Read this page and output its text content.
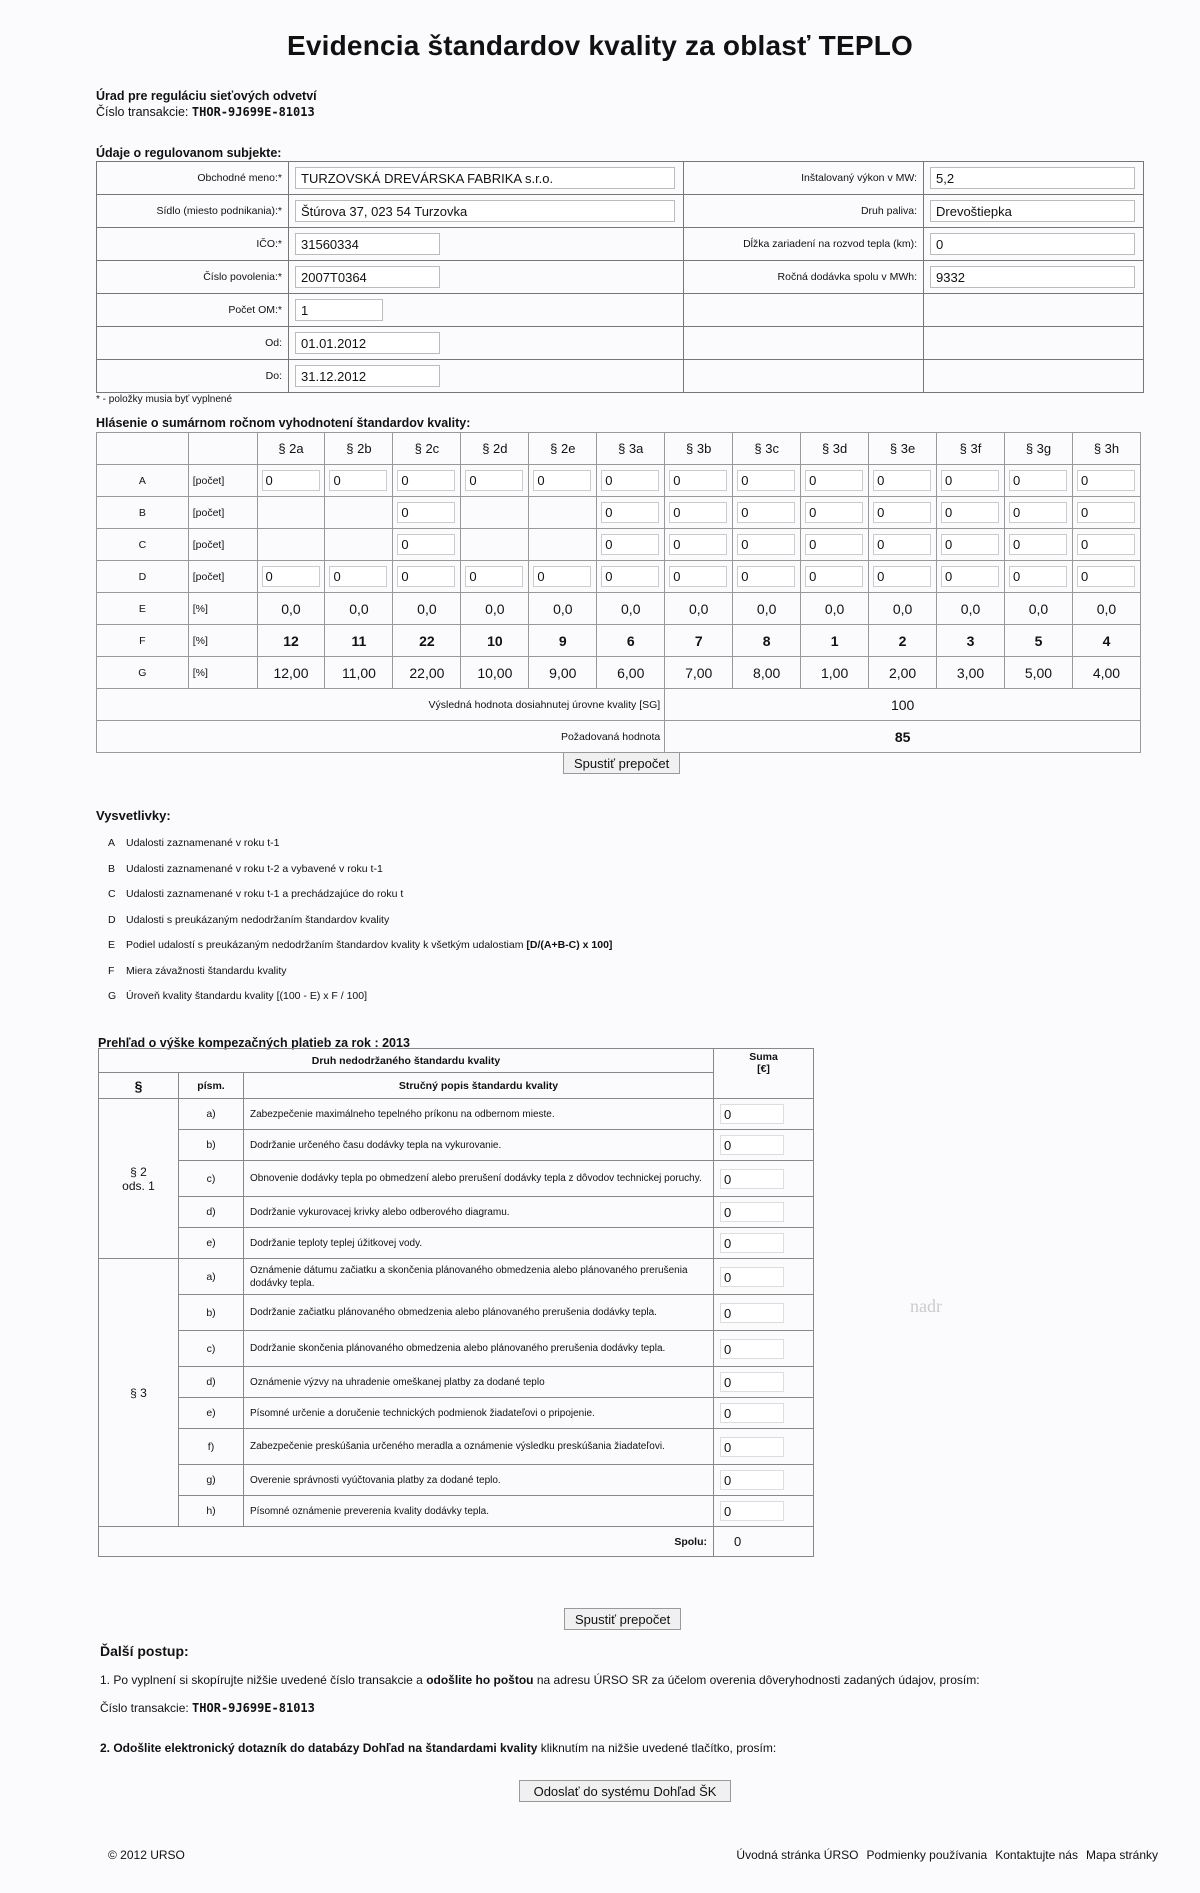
Evidencia štandardov kvality za oblasť TEPLO
Úrad pre reguláciu sieťových odvetví
Číslo transakcie: THOR-9J699E-81013
Údaje o regulovanom subjekte:
Obchodné meno:*	TURZOVSKÁ DREVÁRSKA FABRIKA s.r.o.	Inštalovaný výkon v MW:	5,2
Sídlo (miesto podnikania):*	Štúrova 37, 023 54 Turzovka	Druh paliva:	Drevoštiepka
IČO:*	31560334	Dĺžka zariadení na rozvod tepla (km):	0
Číslo povolenia:*	2007T0364	Ročná dodávka spolu v MWh:	9332
Počet OM:*	1		
Od:	01.01.2012		
Do:	31.12.2012		
* - položky musia byť vyplnené
Hlásenie o sumárnom ročnom vyhodnotení štandardov kvality:
		§ 2a	§ 2b	§ 2c	§ 2d	§ 2e	§ 3a	§ 3b	§ 3c	§ 3d	§ 3e	§ 3f	§ 3g	§ 3h
A	[počet]	0	0	0	0	0	0	0	0	0	0	0	0	0
B	[počet]			0			0	0	0	0	0	0	0	0
C	[počet]			0			0	0	0	0	0	0	0	0
D	[počet]	0	0	0	0	0	0	0	0	0	0	0	0	0
E	[%]	0,0	0,0	0,0	0,0	0,0	0,0	0,0	0,0	0,0	0,0	0,0	0,0	0,0
F	[%]	12	11	22	10	9	6	7	8	1	2	3	5	4
G	[%]	12,00	11,00	22,00	10,00	9,00	6,00	7,00	8,00	1,00	2,00	3,00	5,00	4,00
Výsledná hodnota dosiahnutej úrovne kvality [SG]								100						
Požadovaná hodnota								85						
Spustiť prepočet
Vysvetlivky:
A Udalosti zaznamenané v roku t-1
B Udalosti zaznamenané v roku t-2 a vybavené v roku t-1
C Udalosti zaznamenané v roku t-1 a prechádzajúce do roku t
D Udalosti s preukázaným nedodržaním štandardov kvality
E Podiel udalostí s preukázaným nedodržaním štandardov kvality k všetkým udalostiam [D/(A+B-C) x 100]
F Miera závažnosti štandardu kvality
G Úroveň kvality štandardu kvality [(100 - E) x F / 100]
Prehľad o výške kompezačných platieb za rok : 2013
Druh nedodržaného štandardu kvality			Suma
[€]

§	písm.	Stručný popis štandardu kvality	

§ 2
ods. 1	a)	Zabezpečenie maximálneho tepelného príkonu na odbernom mieste.	0
	b)	Dodržanie určeného času dodávky tepla na vykurovanie.	0
	c)	Obnovenie dodávky tepla po obmedzení alebo prerušení dodávky tepla z dôvodov technickej poruchy.	0
	d)	Dodržanie vykurovacej krivky alebo odberového diagramu.	0
	e)	Dodržanie teploty teplej úžitkovej vody.	0

§ 3	a)	Oznámenie dátumu začiatku a skončenia plánovaného obmedzenia alebo plánovaného prerušenia dodávky tepla.	0
	b)	Dodržanie začiatku plánovaného obmedzenia alebo plánovaného prerušenia dodávky tepla.	0
	c)	Dodržanie skončenia plánovaného obmedzenia alebo plánovaného prerušenia dodávky tepla.	0
	d)	Oznámenie výzvy na uhradenie omeškanej platby za dodané teplo	0
	e)	Písomné určenie a doručenie technických podmienok žiadateľovi o pripojenie.	0
	f)	Zabezpečenie preskúšania určeného meradla a oznámenie výsledku preskúšania žiadateľovi.	0
	g)	Overenie správnosti vyúčtovania platby za dodané teplo.	0
	h)	Písomné oznámenie preverenia kvality dodávky tepla.	0
Spolu:			0
Spustiť prepočet
Ďalší postup:

1. Po vyplnení si skopírujte nižšie uvedené číslo transakcie a odošlite ho poštou na adresu ÚRSO SR za účelom overenia dôveryhodnosti zadaných údajov, prosím:

Číslo transakcie: THOR-9J699E-81013

2. Odošlite elektronický dotazník do databázy Dohľad na štandardami kvality kliknutím na nižšie uvedené tlačítko, prosím:

Odoslať do systému Dohľad ŠK
© 2012 URSO	Úvodná stránka ÚRSO Podmienky používania Kontaktujte nás Mapa stránky
nadr
